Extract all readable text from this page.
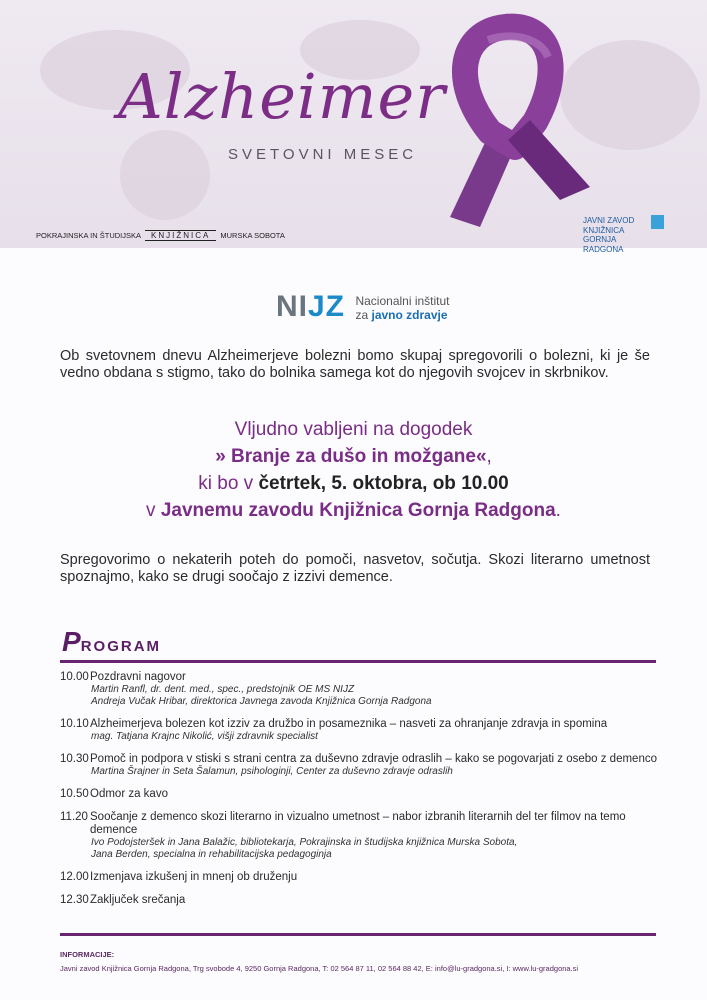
Alzheimer
SVETOVNI MESEC
POKRAJINSKA IN ŠTUDIJSKA KNJIŽNICA MURSKA SOBOTA
JAVNI ZAVOD
KNJIŽNICA
GORNJA RADGONA
NIJZ Nacionalni inštitut
za javno zdravje
Ob svetovnem dnevu Alzheimerjeve bolezni bomo skupaj spregovorili o bolezni, ki je še vedno obdana s stigmo, tako do bolnika samega kot do njegovih svojcev in skrbnikov.
Vljudno vabljeni na dogodek
» Branje za dušo in možgane«,
ki bo v četrtek, 5. oktobra, ob 10.00
v Javnemu zavodu Knjižnica Gornja Radgona.
Spregovorimo o nekaterih poteh do pomoči, nasvetov, sočutja. Skozi literarno umetnost spoznajmo, kako se drugi soočajo z izzivi demence.
PROGRAM
10.00 Pozdravni nagovor
Martin Ranfl, dr. dent. med., spec., predstojnik OE MS NIJZ
Andreja Vučak Hribar, direktorica Javnega zavoda Knjižnica Gornja Radgona
10.10 Alzheimerjeva bolezen kot izziv za družbo in posameznika – nasveti za ohranjanje zdravja in spomina
mag. Tatjana Krajnc Nikolić, višji zdravnik specialist
10.30 Pomoč in podpora v stiski s strani centra za duševno zdravje odraslih – kako se pogovarjati z osebo z demenco
Martina Šrajner in Seta Šalamun, psihologinji, Center za duševno zdravje odraslih
10.50 Odmor za kavo
11.20 Soočanje z demenco skozi literarno in vizualno umetnost – nabor izbranih literarnih del ter filmov na temo demence
Ivo Podojsteršek in Jana Balažic, bibliotekarja, Pokrajinska in študijska knjižnica Murska Sobota,
Jana Berden, specialna in rehabilitacijska pedagoginja
12.00 Izmenjava izkušenj in mnenj ob druženju
12.30 Zaključek srečanja
INFORMACIJE:
Javni zavod Knjižnica Gornja Radgona, Trg svobode 4, 9250 Gornja Radgona, T: 02 564 87 11, 02 564 88 42, E: info@lu-gradgona.si, I: www.lu-gradgona.si
